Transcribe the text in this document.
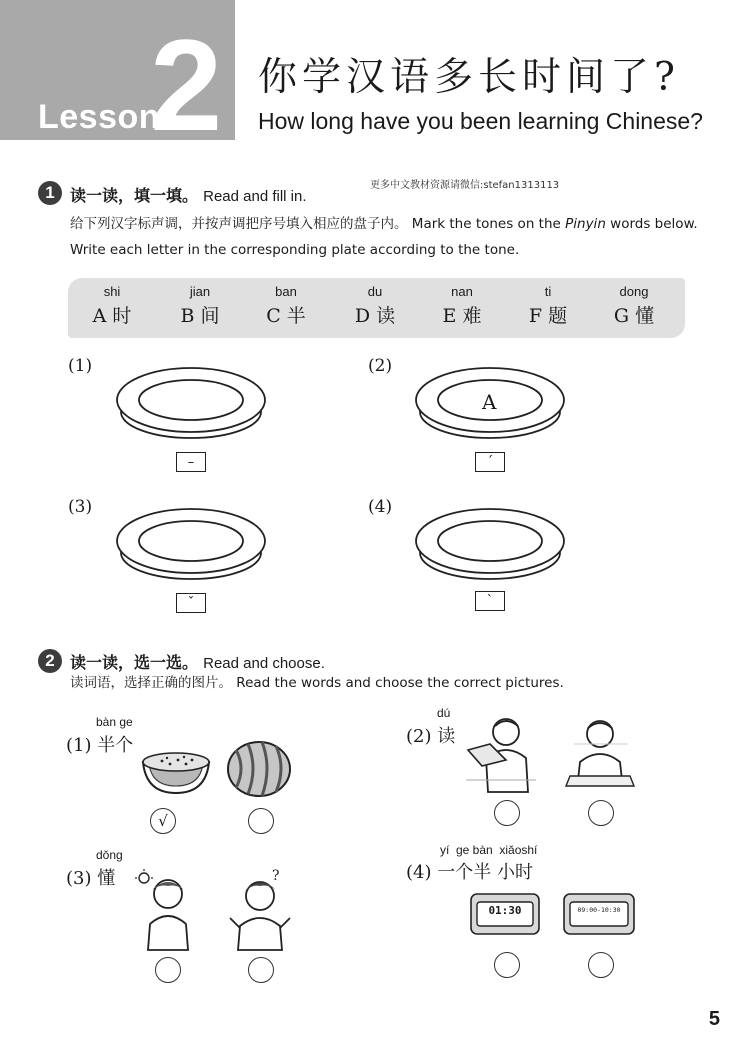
2
Lesson
你学汉语多长时间了?
How long have you been learning Chinese?
更多中文教材资源请微信:stefan1313113
1 读一读，填一填。 Read and fill in.
给下列汉字标声调，并按声调把序号填入相应的盘子内。 Mark the tones on the Pinyin words below. Write each letter in the corresponding plate according to the tone.
shi
A 时
jian
B 间
ban
C 半
du
D 读
nan
E 难
ti
F 题
dong
G 懂
(1)
–
(2)
A
ˊ
(3)
ˇ
(4)
ˋ
2 读一读，选一选。 Read and choose.
读词语，选择正确的图片。 Read the words and choose the correct pictures.
bàn ge
(1) 半个
√
dú
(2) 读
dǒng
(3) 懂	?
yí  ge bàn  xiǎoshí
(4) 一个半 小时
01:30	09:00-10:30
5
